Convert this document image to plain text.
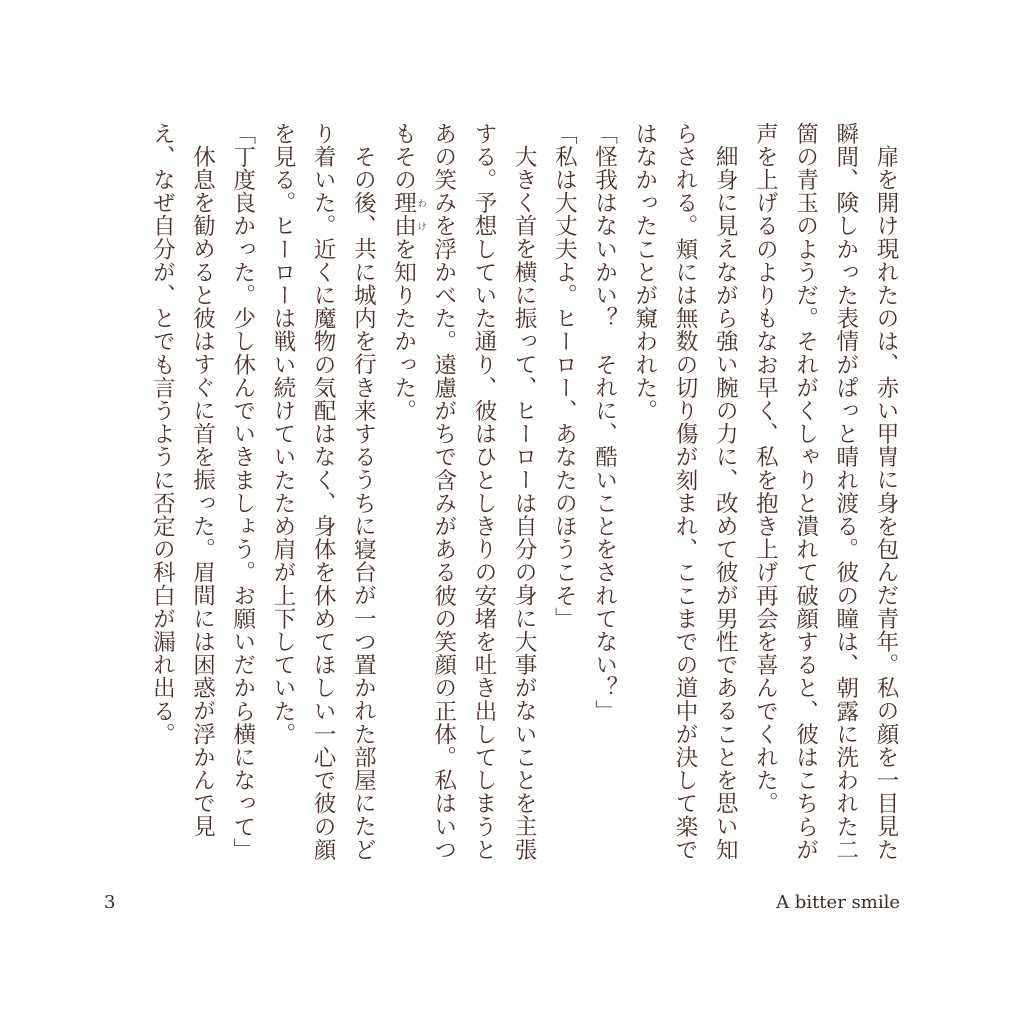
扉を開け現れたのは、赤い甲冑に身を包んだ青年。私の顔を一目見た瞬間、険しかった表情がぱっと晴れ渡る。彼の瞳は、朝露に洗われた二箇の青玉のようだ。それがくしゃりと潰れて破顔すると、彼はこちらが声を上げるのよりもなお早く、私を抱き上げ再会を喜んでくれた。

細身に見えながら強い腕の力に、改めて彼が男性であることを思い知らされる。頬には無数の切り傷が刻まれ、ここまでの道中が決して楽ではなかったことが窺われた。

「怪我はないかい？　それに、酷いことをされてない？」

「私は大丈夫よ。ヒーロー、あなたのほうこそ」

大きく首を横に振って、ヒーローは自分の身に大事がないことを主張する。予想していた通り、彼はひとしきりの安堵を吐き出してしまうとあの笑みを浮かべた。遠慮がちで含みがある彼の笑顔の正体。私はいつもその理由 わけを知りたかった。

その後、共に城内を行き来するうちに寝台が一つ置かれた部屋にたどり着いた。近くに魔物の気配はなく、身体を休めてほしい一心で彼の顔を見る。ヒーローは戦い続けていたため肩が上下していた。

「丁度良かった。少し休んでいきましょう。お願いだから横になって」

休息を勧めると彼はすぐに首を振った。眉間には困惑が浮かんで見え、なぜ自分が、とでも言うように否定の科白が漏れ出る。

3	A bitter smile
